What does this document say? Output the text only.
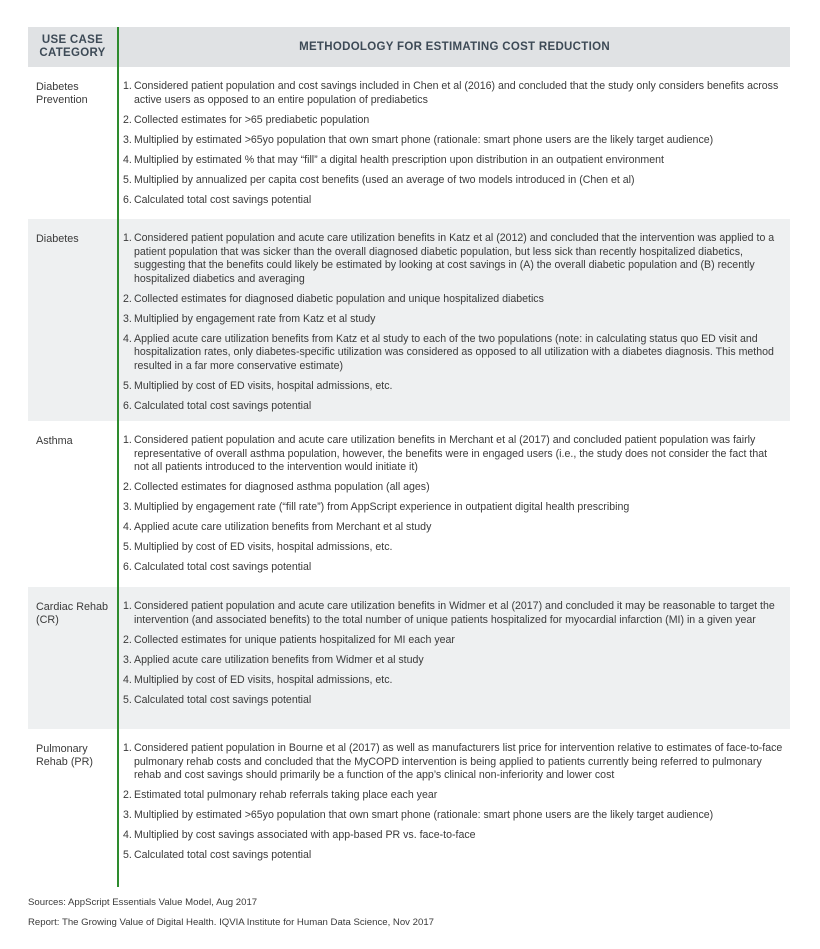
USE CASE CATEGORY	METHODOLOGY FOR ESTIMATING COST REDUCTION
Diabetes Prevention
1. Considered patient population and cost savings included in Chen et al (2016) and concluded that the study only considers benefits across active users as opposed to an entire population of prediabetics
2. Collected estimates for >65 prediabetic population
3. Multiplied by estimated >65yo population that own smart phone (rationale: smart phone users are the likely target audience)
4. Multiplied by estimated % that may “fill” a digital health prescription upon distribution in an outpatient environment
5. Multiplied by annualized per capita cost benefits (used an average of two models introduced in (Chen et al)
6. Calculated total cost savings potential
Diabetes	1. Considered patient population and acute care utilization benefits in Katz et al (2012) and concluded that the intervention was applied to a patient population that was sicker than the overall diagnosed diabetic population, but less sick than recently hospitalized diabetics, suggesting that the benefits could likely be estimated by looking at cost savings in (A) the overall diabetic population and (B) recently hospitalized diabetics and averaging
2. Collected estimates for diagnosed diabetic population and unique hospitalized diabetics
3. Multiplied by engagement rate from Katz et al study
4. Applied acute care utilization benefits from Katz et al study to each of the two populations (note: in calculating status quo ED visit and hospitalization rates, only diabetes-specific utilization was considered as opposed to all utilization with a diabetes diagnosis. This method resulted in a far more conservative estimate)
5. Multiplied by cost of ED visits, hospital admissions, etc.
6. Calculated total cost savings potential
Asthma	1. Considered patient population and acute care utilization benefits in Merchant et al (2017) and concluded patient population was fairly representative of overall asthma population, however, the benefits were in engaged users (i.e., the study does not consider the fact that not all patients introduced to the intervention would initiate it)
2. Collected estimates for diagnosed asthma population (all ages)
3. Multiplied by engagement rate (“fill rate”) from AppScript experience in outpatient digital health prescribing
4. Applied acute care utilization benefits from Merchant et al study
5. Multiplied by cost of ED visits, hospital admissions, etc.
6. Calculated total cost savings potential
Cardiac Rehab (CR)
1. Considered patient population and acute care utilization benefits in Widmer et al (2017) and concluded it may be reasonable to target the intervention (and associated benefits) to the total number of unique patients hospitalized for myocardial infarction (MI) in a given year
2. Collected estimates for unique patients hospitalized for MI each year
3. Applied acute care utilization benefits from Widmer et al study
4. Multiplied by cost of ED visits, hospital admissions, etc.
5. Calculated total cost savings potential
Pulmonary Rehab (PR)
1. Considered patient population in Bourne et al (2017) as well as manufacturers list price for intervention relative to estimates of face-to-face pulmonary rehab costs and concluded that the MyCOPD intervention is being applied to patients currently being referred to pulmonary rehab and cost savings should primarily be a function of the app’s clinical non-inferiority and lower cost
2. Estimated total pulmonary rehab referrals taking place each year
3. Multiplied by estimated >65yo population that own smart phone (rationale: smart phone users are the likely target audience)
4. Multiplied by cost savings associated with app-based PR vs. face-to-face
5. Calculated total cost savings potential
Sources: AppScript Essentials Value Model, Aug 2017
Report: The Growing Value of Digital Health. IQVIA Institute for Human Data Science, Nov 2017
